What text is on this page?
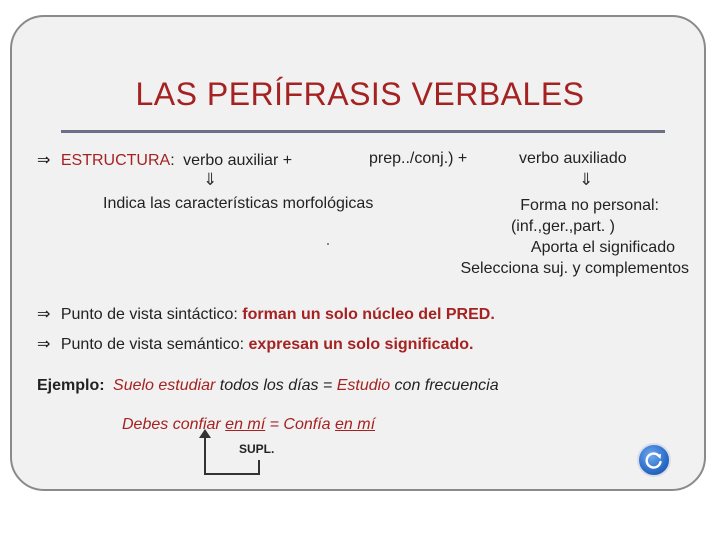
LAS PERÍFRASIS VERBALES
⇒ ESTRUCTURA: verbo auxiliar +	prep../conj.) +	verbo auxiliado
⇓	⇓
Indica las características morfológicas	Forma no personal:
(inf.,ger.,part. )
Aporta el significado
Selecciona suj. y complementos
⇒ Punto de vista sintáctico: forman un solo núcleo del PRED.
⇒ Punto de vista semántico: expresan un solo significado.
Ejemplo: Suelo estudiar todos los días = Estudio con frecuencia
Debes confiar en mí = Confía en mí
SUPL.
